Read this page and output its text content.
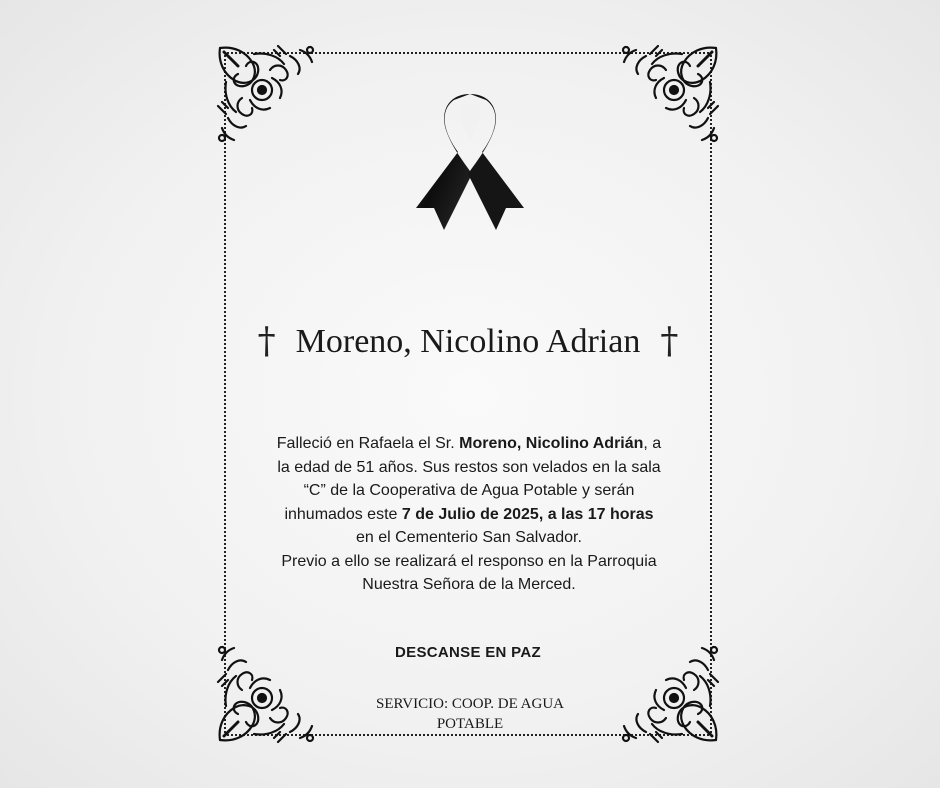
† Moreno, Nicolino Adrian †
Falleció en Rafaela el Sr. Moreno, Nicolino Adrián, a la edad de 51 años. Sus restos son velados en la sala “C” de la Cooperativa de Agua Potable y serán inhumados este 7 de Julio de 2025, a las 17 horas en el Cementerio San Salvador.
Previo a ello se realizará el responso en la Parroquia Nuestra Señora de la Merced.
DESCANSE EN PAZ
SERVICIO: COOP. DE AGUA POTABLE
